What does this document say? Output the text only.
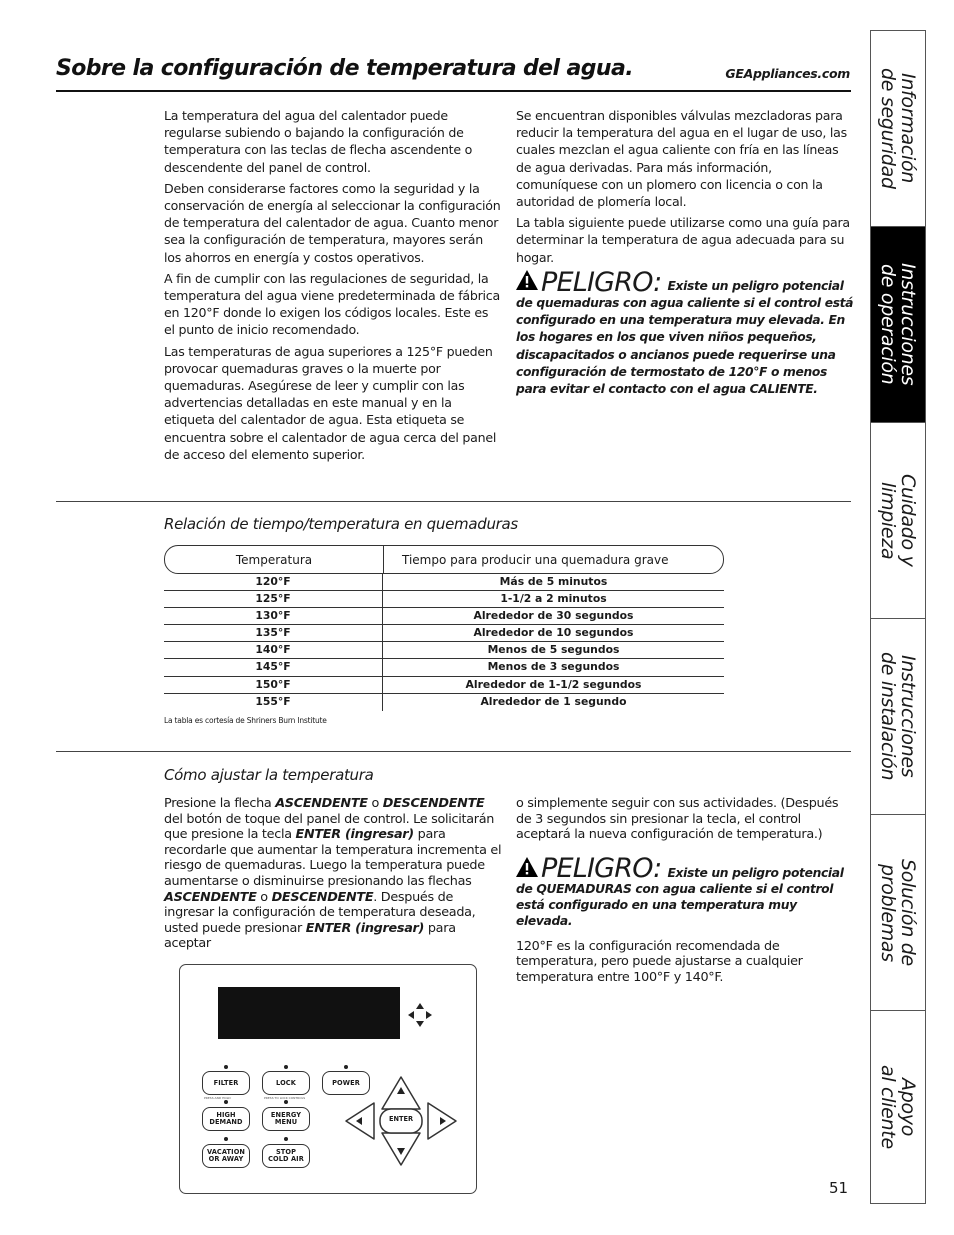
Sobre la configuración de temperatura del agua.	GEAppliances.com

La temperatura del agua del calentador puede regularse subiendo o bajando la configuración de temperatura con las teclas de flecha ascendente o descendente del panel de control.

Deben considerarse factores como la seguridad y la conservación de energía al seleccionar la configuración de temperatura del calentador de agua. Cuanto menor sea la configuración de temperatura, mayores serán los ahorros en energía y costos operativos.

A fin de cumplir con las regulaciones de seguridad, la temperatura del agua viene predeterminada de fábrica en 120°F donde lo exigen los códigos locales. Este es el punto de inicio recomendado.

Las temperaturas de agua superiores a 125°F pueden provocar quemaduras graves o la muerte por quemaduras. Asegúrese de leer y cumplir con las advertencias detalladas en este manual y en la etiqueta del calentador de agua. Esta etiqueta se encuentra sobre el calentador de agua cerca del panel de acceso del elemento superior.

Se encuentran disponibles válvulas mezcladoras para reducir la temperatura del agua en el lugar de uso, las cuales mezclan el agua caliente con fría en las líneas de agua derivadas. Para más información, comuníquese con un plomero con licencia o con la autoridad de plomería local.

La tabla siguiente puede utilizarse como una guía para determinar la temperatura de agua adecuada para su hogar.

PELIGRO: Existe un peligro potencial de quemaduras con agua caliente si el control está configurado en una temperatura muy elevada. En los hogares en los que viven niños pequeños, discapacitados o ancianos puede requerirse una configuración de termostato de 120°F o menos para evitar el contacto con el agua CALIENTE.
Relación de tiempo/temperatura en quemaduras
Temperatura	Tiempo para producir una quemadura grave
120°F	Más de 5 minutos
125°F	1-1/2 a 2 minutos
130°F	Alrededor de 30 segundos
135°F	Alrededor de 10 segundos
140°F	Menos de 5 segundos
145°F	Menos de 3 segundos
150°F	Alrededor de 1-1/2 segundos
155°F	Alrededor de 1 segundo
La tabla es cortesía de Shriners Burn Institute
Cómo ajustar la temperatura

Presione la flecha ASCENDENTE o DESCENDENTE del botón de toque del panel de control. Le solicitarán que presione la tecla ENTER (ingresar) para recordarle que aumentar la temperatura incrementa el riesgo de quemaduras. Luego la temperatura puede aumentarse o disminuirse presionando las flechas ASCENDENTE o DESCENDENTE. Después de ingresar la configuración de temperatura deseada, usted puede presionar ENTER (ingresar) para aceptar

o simplemente seguir con sus actividades. (Después de 3 segundos sin presionar la tecla, el control aceptará la nueva configuración de temperatura.)

PELIGRO: Existe un peligro potencial de QUEMADURAS con agua caliente si el control está configurado en una temperatura muy elevada.

120°F es la configuración recomendada de temperatura, pero puede ajustarse a cualquier temperatura entre 100°F y 140°F.

FILTER	LOCK	POWER
PRESS AND HOLD	PRESS TO LOCK CONTROLS
HIGH
DEMAND
ENERGY
MENU
VACATION
OR AWAY
STOP
COLD AIR
ENTER
Información
de seguridad
Instrucciones
de operación
Cuidado y
limpieza
Instrucciones
de instalación
Solución de
problemas
Apoyo
al cliente
51
